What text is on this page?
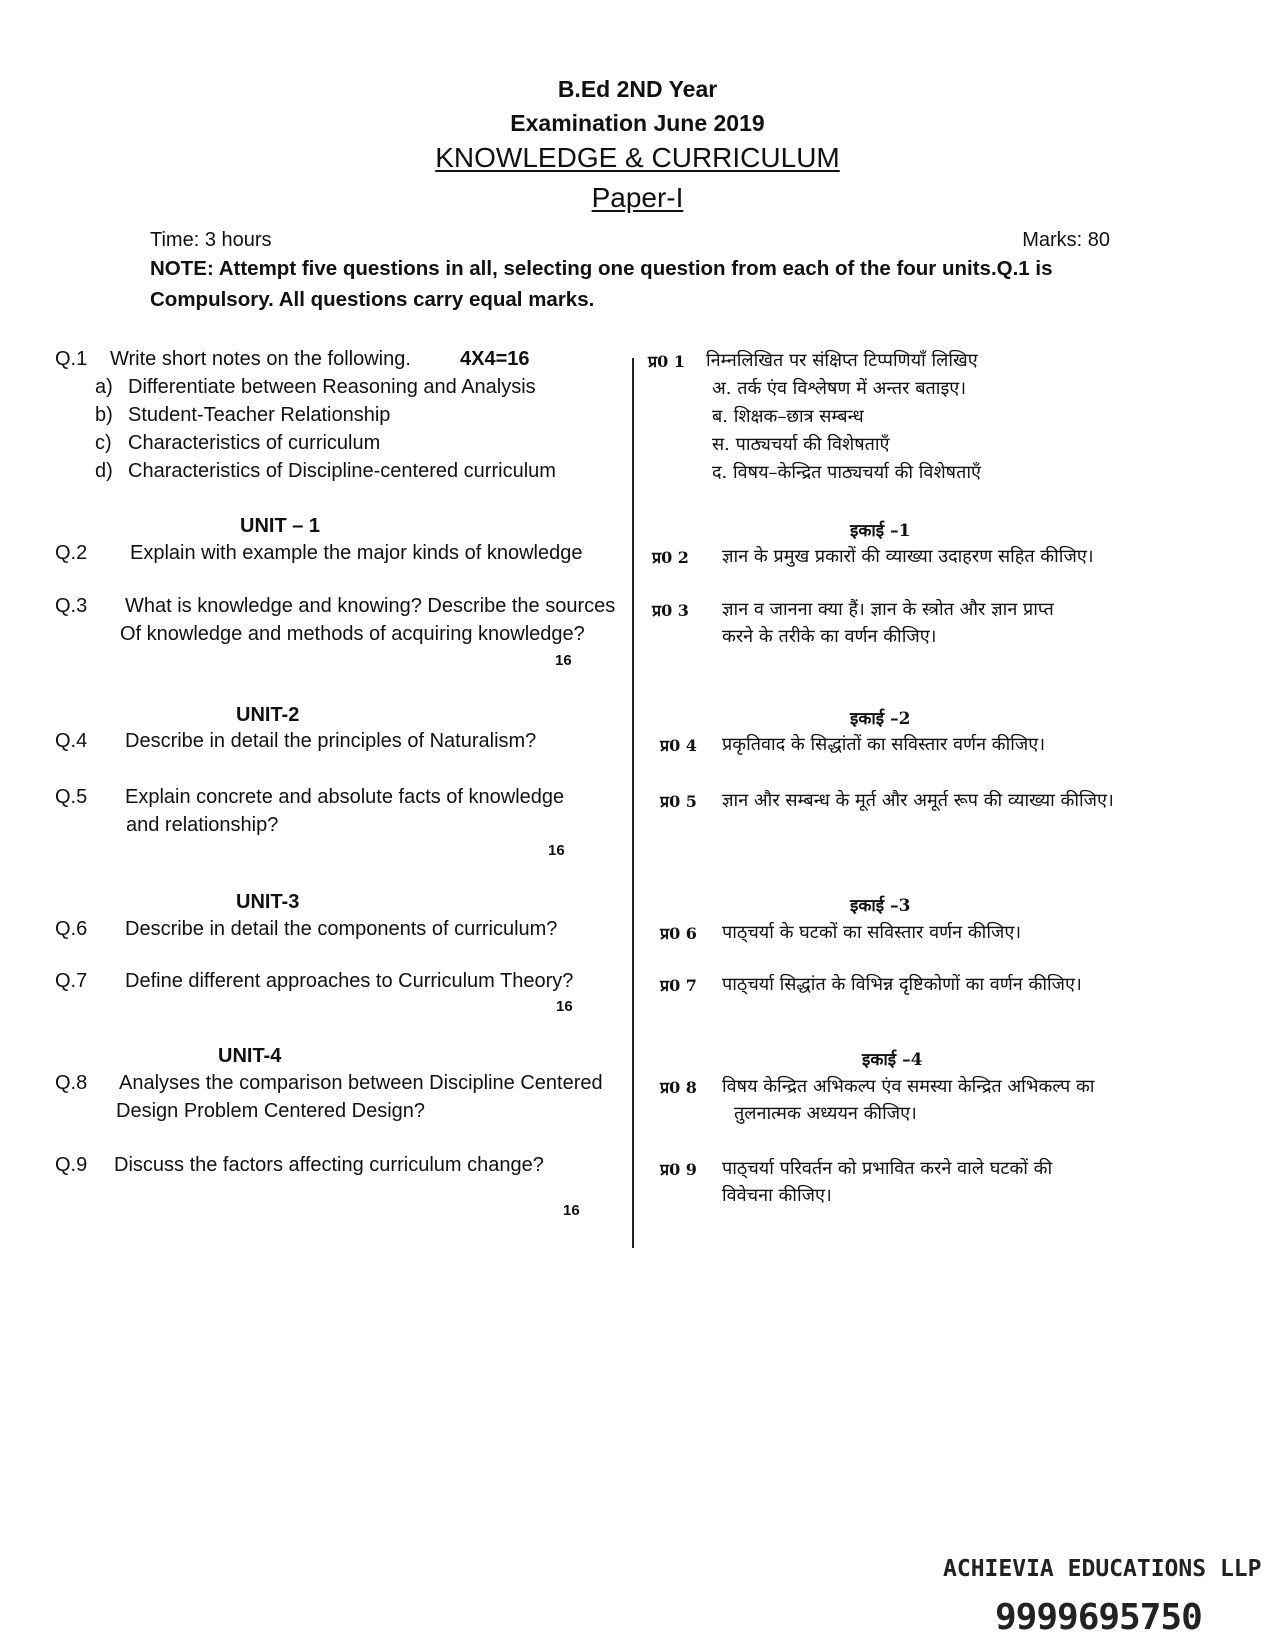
B.Ed 2ND Year
Examination June 2019
KNOWLEDGE & CURRICULUM
Paper-I
Time: 3 hours	Marks: 80
NOTE: Attempt five questions in all, selecting one question from each of the four units.Q.1 is
Compulsory. All questions carry equal marks.
Q.1 Write short notes on the following. 4X4=16
a) Differentiate between Reasoning and Analysis
b) Student-Teacher Relationship
c) Characteristics of curriculum
d) Characteristics of Discipline-centered curriculum
प्र0 1 निम्नलिखित पर संक्षिप्त टिप्पणियाँ लिखिए
अ. तर्क एंव विश्लेषण में अन्तर बताइए।
ब. शिक्षक–छात्र सम्बन्ध
स. पाठ्यचर्या की विशेषताएँ
द. विषय–केन्द्रित पाठ्यचर्या की विशेषताएँ
UNIT – 1	इकाई –1
16
Q.2 Explain with example the major kinds of knowledge	प्र0 2 ज्ञान के प्रमुख प्रकारों की व्याख्या उदाहरण सहित कीजिए।
Q.3 What is knowledge and knowing? Describe the sources
Of knowledge and methods of acquiring knowledge?
प्र0 3 ज्ञान व जानना क्या हैं। ज्ञान के स्त्रोत और ज्ञान प्राप्त
करने के तरीके का वर्णन कीजिए।
UNIT-2	इकाई –2
16
Q.4 Describe in detail the principles of Naturalism?	प्र0 4 प्रकृतिवाद के सिद्धांतों का सविस्तार वर्णन कीजिए।
Q.5 Explain concrete and absolute facts of knowledge
and relationship?
प्र0 5 ज्ञान और सम्बन्ध के मूर्त और अमूर्त रूप की व्याख्या कीजिए।
UNIT-3	इकाई –3
16
Q.6 Describe in detail the components of curriculum?	प्र0 6 पाठ्चर्या के घटकों का सविस्तार वर्णन कीजिए।
Q.7 Define different approaches to Curriculum Theory?	प्र0 7 पाठ्चर्या सिद्धांत के विभिन्न दृष्टिकोणों का वर्णन कीजिए।
UNIT-4	इकाई –4
16
Q.8 Analyses the comparison between Discipline Centered
Design Problem Centered Design?
प्र0 8 विषय केन्द्रित अभिकल्प एंव समस्या केन्द्रित अभिकल्प का
तुलनात्मक अध्ययन कीजिए।
Q.9 Discuss the factors affecting curriculum change?	प्र0 9 पाठ्चर्या परिवर्तन को प्रभावित करने वाले घटकों की
विवेचना कीजिए।
ACHIEVIA EDUCATIONS LLP
9999695750
